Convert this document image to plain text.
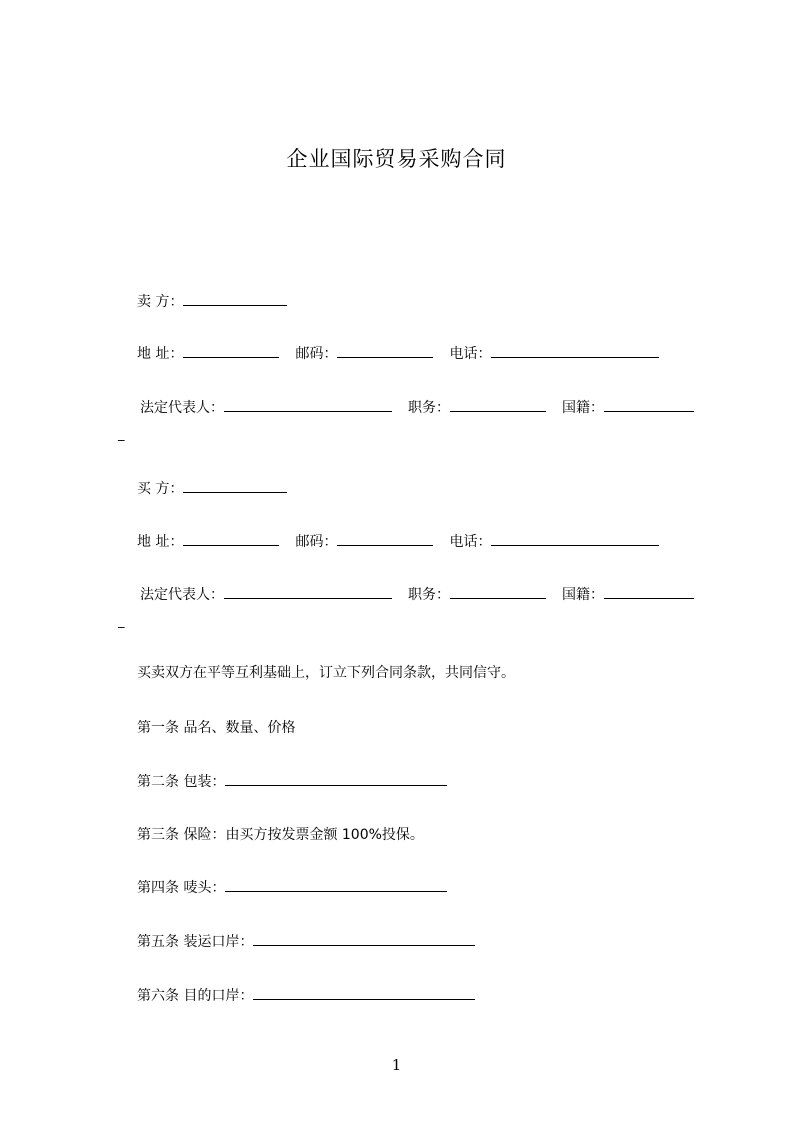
企业国际贸易采购合同
卖 方：
地 址：	邮码：	电话：
法定代表人：	职务：	国籍：
_
买 方：
地 址：	邮码：	电话：
法定代表人：	职务：	国籍：
_
买卖双方在平等互利基础上，订立下列合同条款，共同信守。
第一条 品名、数量、价格
第二条 包装：
第三条 保险：由买方按发票金额 100%投保。
第四条 唛头：
第五条 装运口岸：
第六条 目的口岸：
1
